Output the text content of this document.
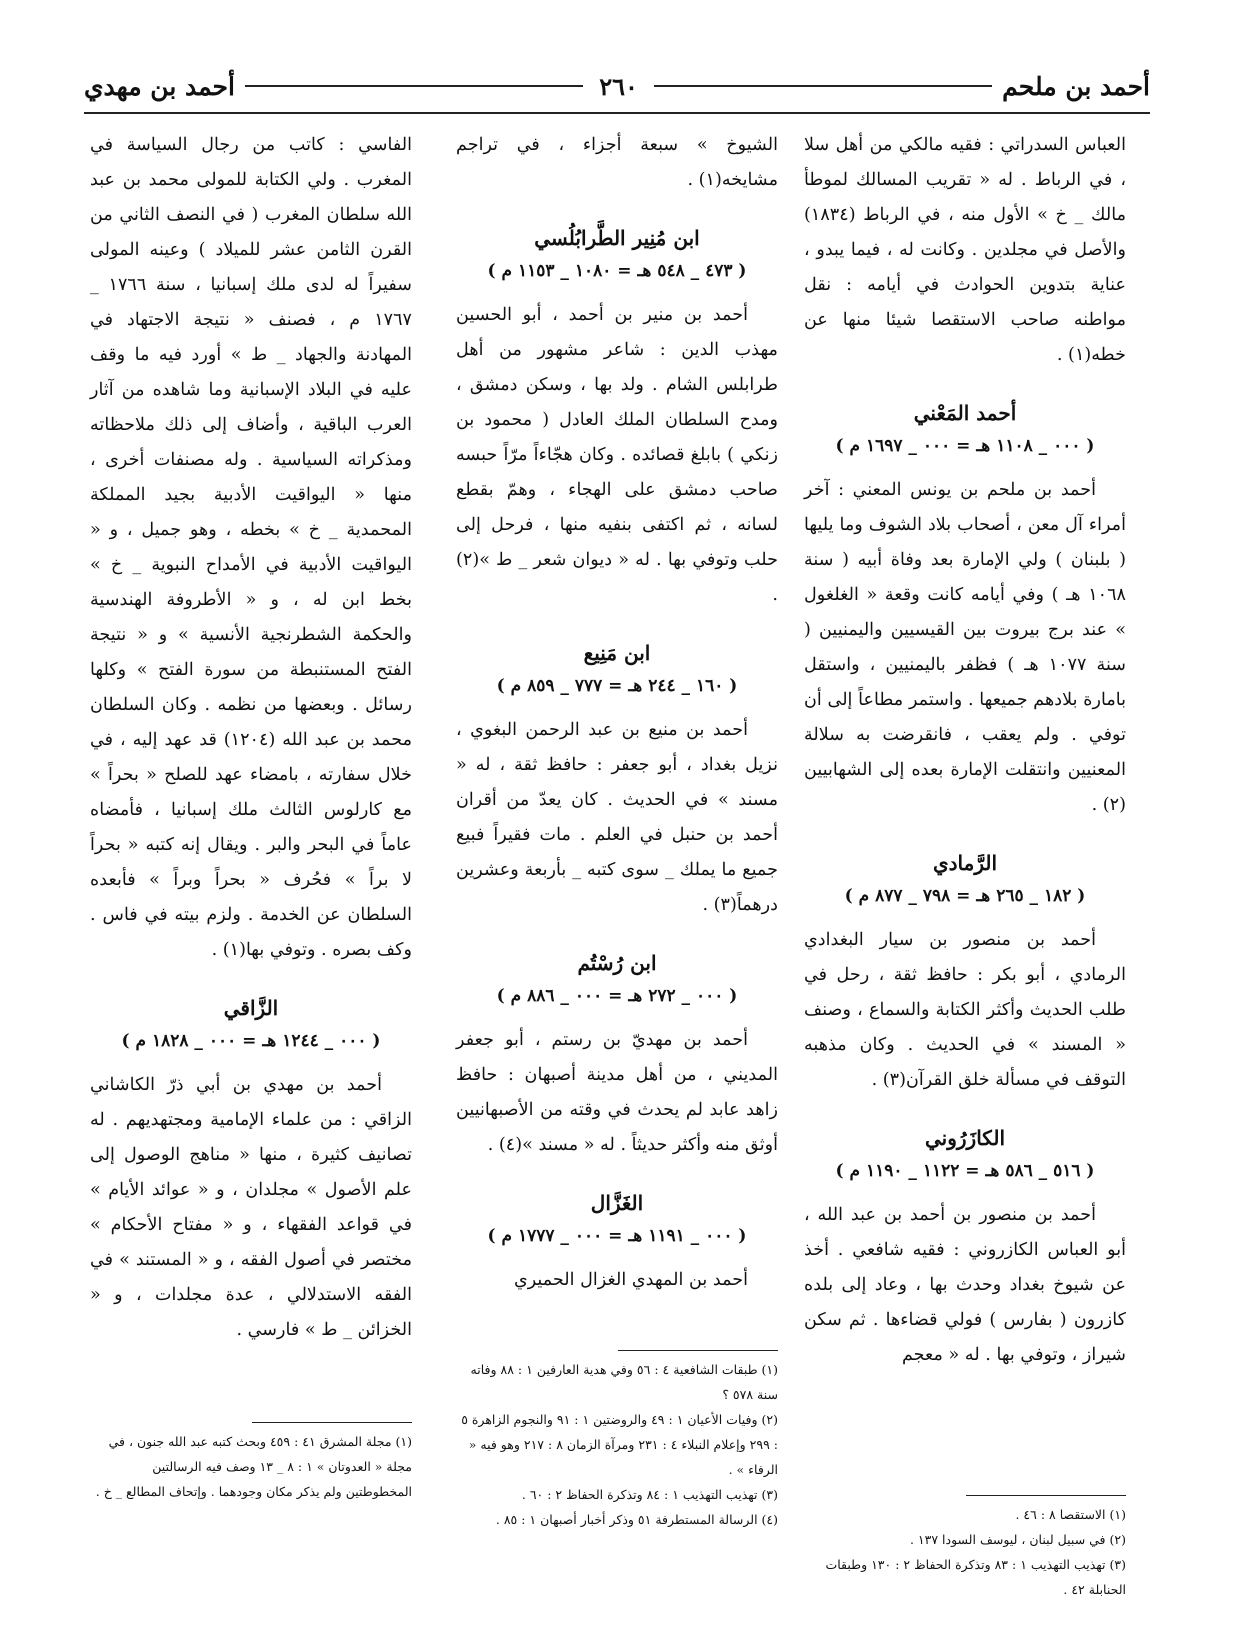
أحمد بن ملحم
٢٦٠
أحمد بن مهدي

العباس السدراتي : فقيه مالكي من أهل سلا ، في الرباط . له « تقريب المسالك لموطأ مالك _ خ » الأول منه ، في الرباط (١٨٣٤) والأصل في مجلدين . وكانت له ، فيما يبدو ، عناية بتدوين الحوادث في أيامه : نقل مواطنه صاحب الاستقصا شيئا منها عن خطه(١) .

أحمد المَعْني
( ٠٠٠ _ ١١٠٨ هـ = ٠٠٠ _ ١٦٩٧ م )

أحمد بن ملحم بن يونس المعني : آخر أمراء آل معن ، أصحاب بلاد الشوف وما يليها ( بلبنان ) ولي الإمارة بعد وفاة أبيه ( سنة ١٠٦٨ هـ ) وفي أيامه كانت وقعة « الغلغول » عند برج بيروت بين القيسيين واليمنيين ( سنة ١٠٧٧ هـ ) فظفر باليمنيين ، واستقل بامارة بلادهم جميعها . واستمر مطاعاً إلى أن توفي . ولم يعقب ، فانقرضت به سلالة المعنيين وانتقلت الإمارة بعده إلى الشهابيين (٢) .

الرَّمادي
( ١٨٢ _ ٢٦٥ هـ = ٧٩٨ _ ٨٧٧ م )

أحمد بن منصور بن سيار البغدادي الرمادي ، أبو بكر : حافظ ثقة ، رحل في طلب الحديث وأكثر الكتابة والسماع ، وصنف « المسند » في الحديث . وكان مذهبه التوقف في مسألة خلق القرآن(٣) .

الكازَرُوني
( ٥١٦ _ ٥٨٦ هـ = ١١٢٢ _ ١١٩٠ م )

أحمد بن منصور بن أحمد بن عبد الله ، أبو العباس الكازروني : فقيه شافعي . أخذ عن شيوخ بغداد وحدث بها ، وعاد إلى بلده كازرون ( بفارس ) فولي قضاءها . ثم سكن شيراز ، وتوفي بها . له « معجم

الشيوخ » سبعة أجزاء ، في تراجم مشايخه(١) .

ابن مُنِير الطَّرابُلُسي
( ٤٧٣ _ ٥٤٨ هـ = ١٠٨٠ _ ١١٥٣ م )

أحمد بن منير بن أحمد ، أبو الحسين مهذب الدين : شاعر مشهور من أهل طرابلس الشام . ولد بها ، وسكن دمشق ، ومدح السلطان الملك العادل ( محمود بن زنكي ) بابلغ قصائده . وكان هجّاءاً مرّاً حبسه صاحب دمشق على الهجاء ، وهمّ بقطع لسانه ، ثم اكتفى بنفيه منها ، فرحل إلى حلب وتوفي بها . له « ديوان شعر _ ط »(٢) .

ابن مَنِيع
( ١٦٠ _ ٢٤٤ هـ = ٧٧٧ _ ٨٥٩ م )

أحمد بن منيع بن عبد الرحمن البغوي ، نزيل بغداد ، أبو جعفر : حافظ ثقة ، له « مسند » في الحديث . كان يعدّ من أقران أحمد بن حنبل في العلم . مات فقيراً فبيع جميع ما يملك _ سوى كتبه _ بأربعة وعشرين درهماً(٣) .

ابن رُسْتُم
( ٠٠٠ _ ٢٧٢ هـ = ٠٠٠ _ ٨٨٦ م )

أحمد بن مهديّ بن رستم ، أبو جعفر المديني ، من أهل مدينة أصبهان : حافظ زاهد عابد لم يحدث في وقته من الأصبهانيين أوثق منه وأكثر حديثاً . له « مسند »(٤) .

الغَزَّال
( ٠٠٠ _ ١١٩١ هـ = ٠٠٠ _ ١٧٧٧ م )

أحمد بن المهدي الغزال الحميري

الفاسي : كاتب من رجال السياسة في المغرب . ولي الكتابة للمولى محمد بن عبد الله سلطان المغرب ( في النصف الثاني من القرن الثامن عشر للميلاد ) وعينه المولى سفيراً له لدى ملك إسبانيا ، سنة ١٧٦٦ _ ١٧٦٧ م ، فصنف « نتيجة الاجتهاد في المهادنة والجهاد _ ط » أورد فيه ما وقف عليه في البلاد الإسبانية وما شاهده من آثار العرب الباقية ، وأضاف إلى ذلك ملاحظاته ومذكراته السياسية . وله مصنفات أخرى ، منها « اليواقيت الأدبية بجيد المملكة المحمدية _ خ » بخطه ، وهو جميل ، و « اليواقيت الأدبية في الأمداح النبوية _ خ » بخط ابن له ، و « الأطروفة الهندسية والحكمة الشطرنجية الأنسية » و « نتيجة الفتح المستنبطة من سورة الفتح » وكلها رسائل . وبعضها من نظمه . وكان السلطان محمد بن عبد الله (١٢٠٤) قد عهد إليه ، في خلال سفارته ، بامضاء عهد للصلح « بحراً » مع كارلوس الثالث ملك إسبانيا ، فأمضاه عاماً في البحر والبر . ويقال إنه كتبه « بحراً لا براً » فحُرف « بحراً وبراً » فأبعده السلطان عن الخدمة . ولزم بيته في فاس . وكف بصره . وتوفي بها(١) .

الزَّاقي
( ٠٠٠ _ ١٢٤٤ هـ = ٠٠٠ _ ١٨٢٨ م )

أحمد بن مهدي بن أبي ذرّ الكاشاني الزاقي : من علماء الإمامية ومجتهديهم . له تصانيف كثيرة ، منها « مناهج الوصول إلى علم الأصول » مجلدان ، و « عوائد الأيام » في قواعد الفقهاء ، و « مفتاح الأحكام » مختصر في أصول الفقه ، و « المستند » في الفقه الاستدلالي ، عدة مجلدات ، و « الخزائن _ ط » فارسي .

(١) الاستقصا ٨ : ٤٦ .

(٢) في سبيل لبنان ، ليوسف السودا ١٣٧ .

(٣) تهذيب التهذيب ١ : ٨٣ وتذكرة الحفاظ ٢ : ١٣٠ وطبقات الحنابلة ٤٢ .

(١) طبقات الشافعية ٤ : ٥٦ وفي هدية العارفين ١ : ٨٨ وفاته سنة ٥٧٨ ؟

(٢) وفيات الأعيان ١ : ٤٩ والروضتين ١ : ٩١ والنجوم الزاهرة ٥ : ٢٩٩ وإعلام النبلاء ٤ : ٢٣١ ومرآة الزمان ٨ : ٢١٧ وهو فيه « الرفاء » .

(٣) تهذيب التهذيب ١ : ٨٤ وتذكرة الحفاظ ٢ : ٦٠ .

(٤) الرسالة المستطرفة ٥١ وذكر أخبار أصبهان ١ : ٨٥ .

(١) مجلة المشرق ٤١ : ٤٥٩ وبحث كتبه عبد الله جنون ، في مجلة « العدوتان » ١ : ٨ _ ١٣ وصف فيه الرسالتين المخطوطتين ولم يذكر مكان وجودهما . وإتحاف المطالع _ خ .
